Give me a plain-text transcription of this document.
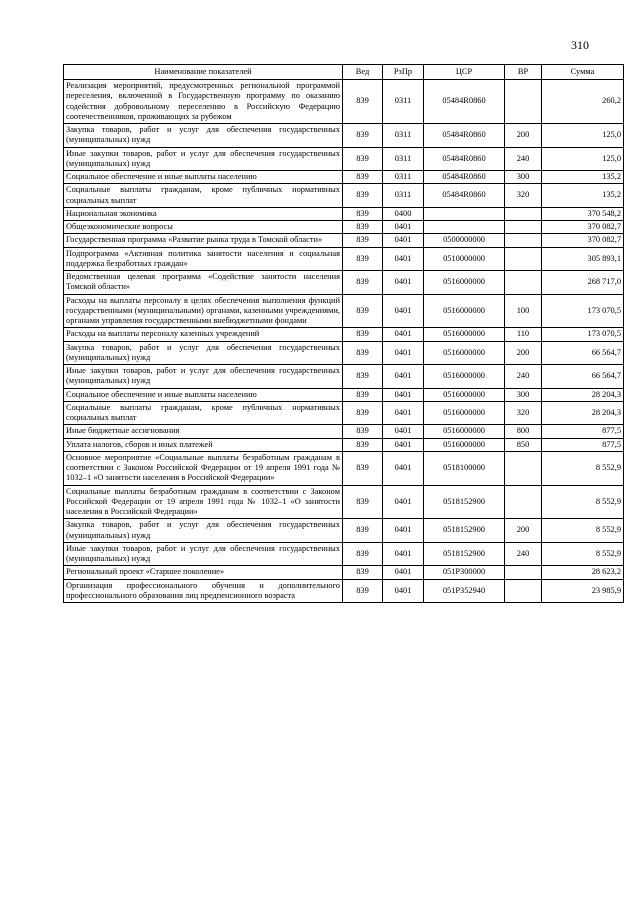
310
Наименование показателей	Вед	РзПр	ЦСР	ВР	Сумма
Реализация мероприятий, предусмотренных региональной программой переселения, включенной в Государственную программу по оказанию содействия добровольному переселению в Российскую Федерацию соотечественников, проживающих за рубежом	839	0311	05484R0860		260,2
Закупка товаров, работ и услуг для обеспечения государственных (муниципальных) нужд	839	0311	05484R0860	200	125,0
Иные закупки товаров, работ и услуг для обеспечения государственных (муниципальных) нужд	839	0311	05484R0860	240	125,0
Социальное обеспечение и иные выплаты населению	839	0311	05484R0860	300	135,2
Социальные выплаты гражданам, кроме публичных нормативных социальных выплат	839	0311	05484R0860	320	135,2
Национальная экономика	839	0400			370 548,2
Общеэкономические вопросы	839	0401			370 082,7
Государственная программа «Развитие рынка труда в Томской области»	839	0401	0500000000		370 082,7
Подпрограмма «Активная политика занятости населения и социальная поддержка безработных граждан»	839	0401	0510000000		305 893,1
Ведомственная целевая программа «Содействие занятости населения Томской области»	839	0401	0516000000		268 717,0
Расходы на выплаты персоналу в целях обеспечения выполнения функций государственными (муниципальными) органами, казенными учреждениями, органами управления государственными внебюджетными фондами	839	0401	0516000000	100	173 070,5
Расходы на выплаты персоналу казенных учреждений	839	0401	0516000000	110	173 070,5
Закупка товаров, работ и услуг для обеспечения государственных (муниципальных) нужд	839	0401	0516000000	200	66 564,7
Иные закупки товаров, работ и услуг для обеспечения государственных (муниципальных) нужд	839	0401	0516000000	240	66 564,7
Социальное обеспечение и иные выплаты населению	839	0401	0516000000	300	28 204,3
Социальные выплаты гражданам, кроме публичных нормативных социальных выплат	839	0401	0516000000	320	28 204,3
Иные бюджетные ассигнования	839	0401	0516000000	800	877,5
Уплата налогов, сборов и иных платежей	839	0401	0516000000	850	877,5
Основное мероприятие «Социальные выплаты безработным гражданам в соответствии с Законом Российской Федерации от 19 апреля 1991 года № 1032–1 «О занятости населения в Российской Федерации»	839	0401	0518100000		8 552,9
Социальные выплаты безработным гражданам в соответствии с Законом Российской Федерации от 19 апреля 1991 года № 1032–1 «О занятости населения в Российской Федерации»	839	0401	0518152900		8 552,9
Закупка товаров, работ и услуг для обеспечения государственных (муниципальных) нужд	839	0401	0518152900	200	8 552,9
Иные закупки товаров, работ и услуг для обеспечения государственных (муниципальных) нужд	839	0401	0518152900	240	8 552,9
Региональный проект «Старшее поколение»	839	0401	051P300000		28 623,2
Организация профессионального обучения и дополнительного профессионального образования лиц предпенсионного возраста	839	0401	051P352940		23 985,9
